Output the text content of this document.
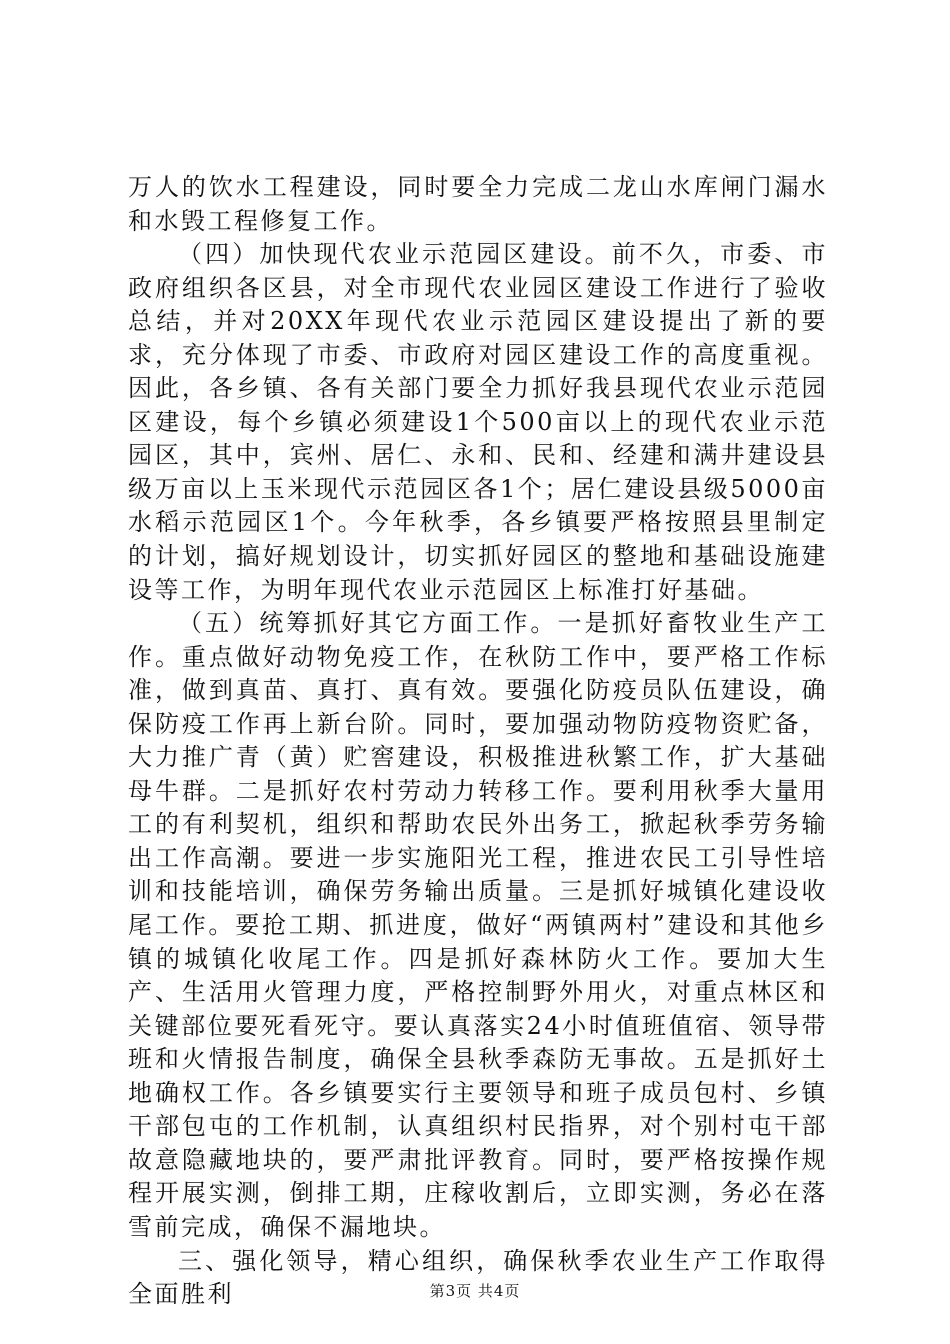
万人的饮水工程建设，同时要全力完成二龙山水库闸门漏水和水毁工程修复工作。

（四）加快现代农业示范园区建设。前不久，市委、市政府组织各区县，对全市现代农业园区建设工作进行了验收总结，并对20XX年现代农业示范园区建设提出了新的要求，充分体现了市委、市政府对园区建设工作的高度重视。因此，各乡镇、各有关部门要全力抓好我县现代农业示范园区建设，每个乡镇必须建设1个500亩以上的现代农业示范园区，其中，宾州、居仁、永和、民和、经建和满井建设县级万亩以上玉米现代示范园区各1个；居仁建设县级5000亩水稻示范园区1个。今年秋季，各乡镇要严格按照县里制定的计划，搞好规划设计，切实抓好园区的整地和基础设施建设等工作，为明年现代农业示范园区上标准打好基础。

（五）统筹抓好其它方面工作。一是抓好畜牧业生产工作。重点做好动物免疫工作，在秋防工作中，要严格工作标准，做到真苗、真打、真有效。要强化防疫员队伍建设，确保防疫工作再上新台阶。同时，要加强动物防疫物资贮备，大力推广青（黄）贮窖建设，积极推进秋繁工作，扩大基础母牛群。二是抓好农村劳动力转移工作。要利用秋季大量用工的有利契机，组织和帮助农民外出务工，掀起秋季劳务输出工作高潮。要进一步实施阳光工程，推进农民工引导性培训和技能培训，确保劳务输出质量。三是抓好城镇化建设收尾工作。要抢工期、抓进度，做好“两镇两村”建设和其他乡镇的城镇化收尾工作。四是抓好森林防火工作。要加大生产、生活用火管理力度，严格控制野外用火，对重点林区和关键部位要死看死守。要认真落实24小时值班值宿、领导带班和火情报告制度，确保全县秋季森防无事故。五是抓好土地确权工作。各乡镇要实行主要领导和班子成员包村、乡镇干部包屯的工作机制，认真组织村民指界，对个别村屯干部故意隐藏地块的，要严肃批评教育。同时，要严格按操作规程开展实测，倒排工期，庄稼收割后，立即实测，务必在落雪前完成，确保不漏地块。

三、强化领导，精心组织，确保秋季农业生产工作取得全面胜利	第3页 共4页
